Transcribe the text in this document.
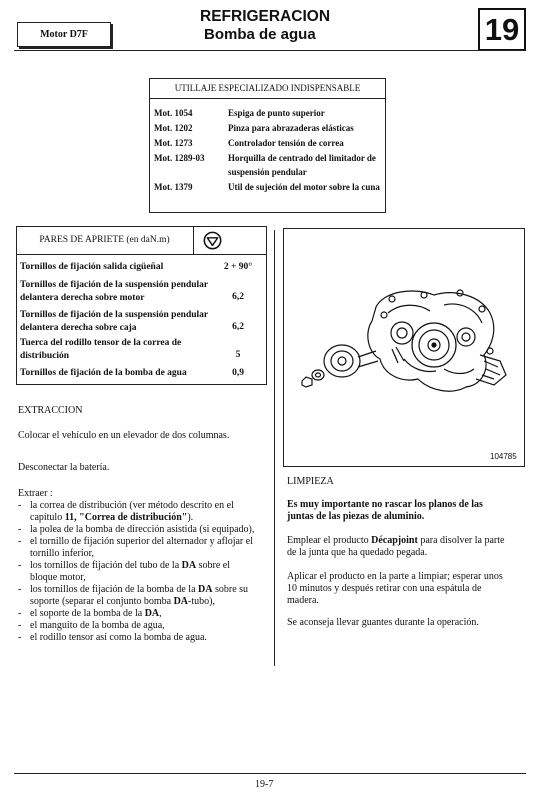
Motor D7F
REFRIGERACION
Bomba de agua	19
UTILLAJE ESPECIALIZADO INDISPENSABLE
Mot. 1054	Espiga de punto superior
Mot. 1202	Pinza para abrazaderas elásticas
Mot. 1273	Controlador tensión de correa
Mot. 1289-03	Horquilla de centrado del limitador de suspensión pendular
Mot. 1379	Util de sujeción del motor sobre la cuna
PARES DE APRIETE (en daN.m)
Tornillos de fijación salida cigüeñal	2 + 90°
Tornillos de fijación de la suspensión pendular delantera derecha sobre motor	6,2
Tornillos de fijación de la suspensión pendular delantera derecha sobre caja	6,2
Tuerca del rodillo tensor de la correa de distribución	5
Tornillos de fijación de la bomba de agua	0,9
104785
EXTRACCION
Colocar el vehículo en un elevador de dos columnas.
Desconectar la batería.
Extraer :
- la correa de distribución (ver método descrito en el capítulo 11, "Correa de distribución").
- la polea de la bomba de dirección asistida (si equipado),
- el tornillo de fijación superior del alternador y aflojar el tornillo inferior,
- los tornillos de fijación del tubo de la DA sobre el bloque motor,
- los tornillos de fijación de la bomba de la DA sobre su soporte (separar el conjunto bomba DA-tubo),
- el soporte de la bomba de la DA,
- el manguito de la bomba de agua,
- el rodillo tensor así como la bomba de agua.
LIMPIEZA
Es muy importante no rascar los planos de las juntas de las piezas de aluminio.
Emplear el producto Décapjoint para disolver la parte de la junta que ha quedado pegada.
Aplicar el producto en la parte a limpiar; esperar unos 10 minutos y después retirar con una espátula de madera.
Se aconseja llevar guantes durante la operación.
19-7
